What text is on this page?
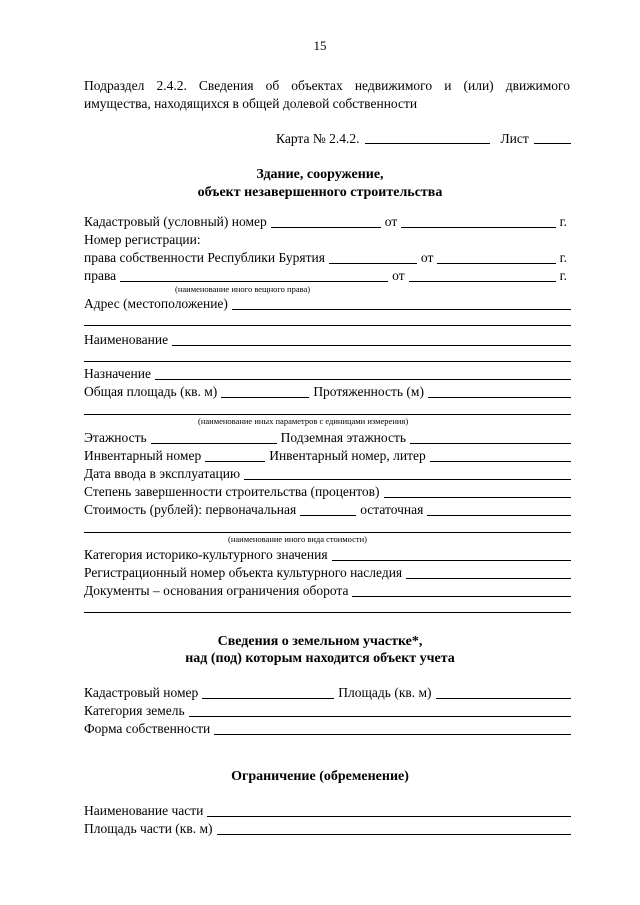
15
Подраздел 2.4.2. Сведения об объектах недвижимого и (или) движимого
имущества, находящихся в общей долевой собственности
Карта № 2.4.2.	Лист
Здание, сооружение,
объект незавершенного строительства
Кадастровый (условный) номер	от	г.
Номер регистрации:
права собственности Республики Бурятия	от	г.
права	от	г.
(наименование иного вещного права)
Адрес (местоположение)
Наименование
Назначение
Общая площадь (кв. м)	Протяженность (м)
(наименование иных параметров с единицами измерения)
Этажность	Подземная этажность
Инвентарный номер	Инвентарный номер, литер
Дата ввода в эксплуатацию
Степень завершенности строительства (процентов)
Стоимость (рублей): первоначальная	остаточная
(наименование иного вида стоимости)
Категория историко-культурного значения
Регистрационный номер объекта культурного наследия
Документы – основания ограничения оборота
Сведения о земельном участке*,
над (под) которым находится объект учета
Кадастровый номер	Площадь (кв. м)
Категория земель
Форма собственности
Ограничение (обременение)
Наименование части
Площадь части (кв. м)
